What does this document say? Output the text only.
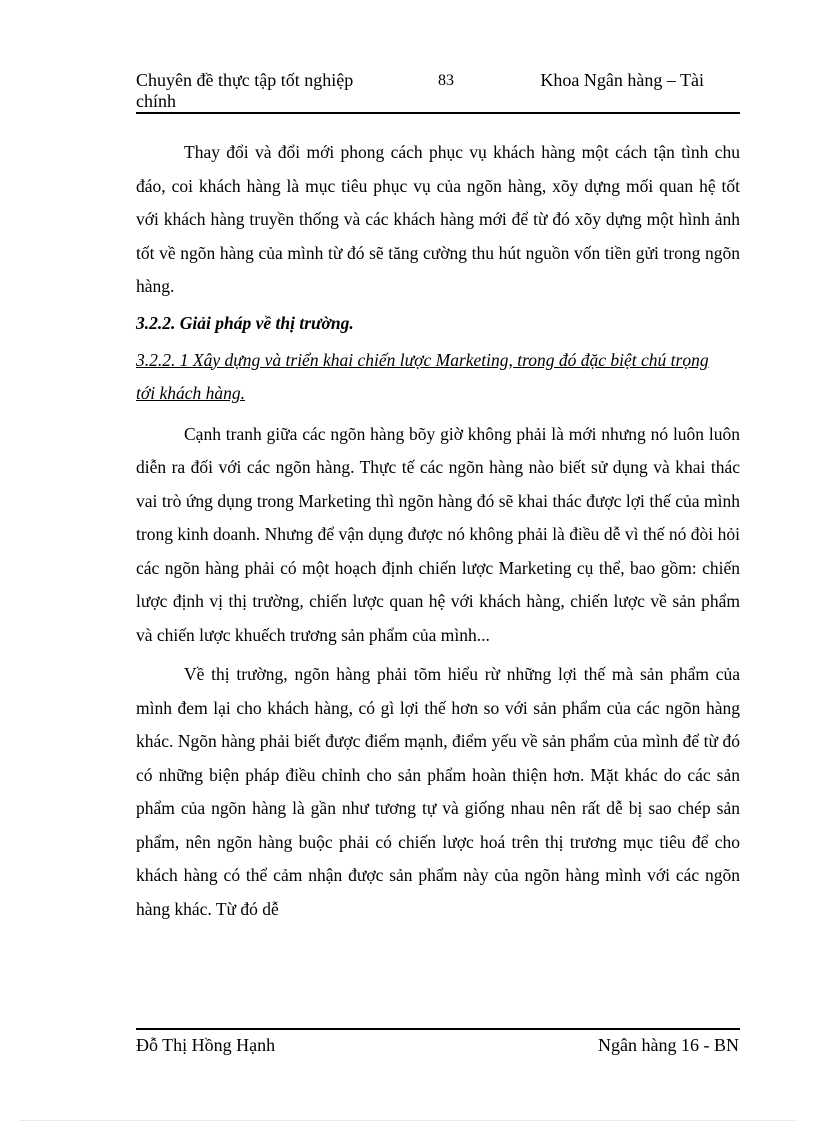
Chuyên đề thực tập tốt nghiệp chính
83	Khoa Ngân hàng – Tài

Thay đổi và đổi mới phong cách phục vụ khách hàng một cách tận tình chu đáo, coi khách hàng là mục tiêu phục vụ của ngõn hàng, xõy dựng mối quan hệ tốt với khách hàng truyền thống và các khách hàng mới để từ đó xõy dựng một hình ảnh tốt về ngõn hàng của mình từ đó sẽ tăng cường thu hút nguồn vốn tiền gửi trong ngõn hàng.

3.2.2. Giải pháp về thị trường.

3.2.2. 1 Xây dựng và triển khai chiến lược Marketing, trong đó đặc biệt chú trọng tới khách hàng.

Cạnh tranh giữa các ngõn hàng bõy giờ không phải là mới nhưng nó luôn luôn diễn ra đối với các ngõn hàng. Thực tế các ngõn hàng nào biết sử dụng và khai thác vai trò ứng dụng trong Marketing thì ngõn hàng đó sẽ khai thác được lợi thế của mình trong kinh doanh. Nhưng để vận dụng được nó không phải là điều dễ vì thế nó đòi hỏi các ngõn hàng phải có một hoạch định chiến lược Marketing cụ thể, bao gồm: chiến lược định vị thị trường, chiến lược quan hệ với khách hàng, chiến lược về sản phẩm và chiến lược khuếch trương sản phẩm của mình...

Về thị trường, ngõn hàng phải tõm hiểu rừ những lợi thế mà sản phẩm của mình đem lại cho khách hàng, có gì lợi thế hơn so với sản phẩm của các ngõn hàng khác. Ngõn hàng phải biết được điểm mạnh, điểm yếu về sản phẩm của mình để từ đó có những biện pháp điều chỉnh cho sản phẩm hoàn thiện hơn. Mặt khác do các sản phẩm của ngõn hàng là gần như tương tự và giống nhau nên rất dễ bị sao chép sản phẩm, nên ngõn hàng buộc phải có chiến lược hoá trên thị trương mục tiêu để cho khách hàng có thể cảm nhận được sản phẩm này của ngõn hàng mình với các ngõn hàng khác. Từ đó dễ

Đỗ Thị Hồng Hạnh	Ngân hàng 16 - BN
